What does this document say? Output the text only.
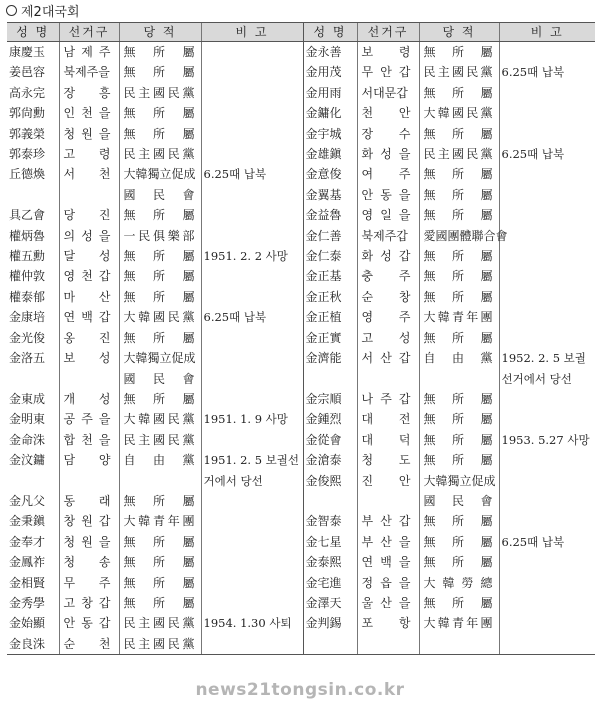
제2대국회
성 명	선거구	당 적	비 고	성 명	선거구	당 적	비 고
康慶玉	남 제 주	無 所 屬		金永善	보 령	無 所 屬	
姜邑容	북제주을	無 所 屬		金用茂	무 안 갑	民主國民黨	6.25때 납북
高永完	장 흥	民主國民黨		金用雨	서대문갑	無 所 屬	
郭尙勳	인 천 을	無 所 屬		金鏞化	천 안	大韓國民黨	
郭義榮	청 원 을	無 所 屬		金宇城	장 수	無 所 屬	
郭泰珍	고 령	民主國民黨		金雄鎭	화 성 을	民主國民黨	6.25때 납북
丘德煥	서 천	大韓獨立促成	6.25때 납북	金意俊	여 주	無 所 屬	
		國 民 會		金翼基	안 동 을	無 所 屬	
具乙會	당 진	無 所 屬		金益魯	영 일 을	無 所 屬	
權炳魯	의 성 을	一民俱樂部		金仁善	북제주갑	愛國團體聯合會	
權五勳	달 성	無 所 屬	1951. 2. 2 사망	金仁泰	화 성 갑	無 所 屬	
權仲敦	영 천 갑	無 所 屬		金正基	충 주	無 所 屬	
權泰郁	마 산	無 所 屬		金正秋	순 창	無 所 屬	
金康培	연 백 갑	大韓國民黨	6.25때 납북	金正植	영 주	大韓青年團	
金光俊	옹 진	無 所 屬		金正實	고 성	無 所 屬	
金洛五	보 성	大韓獨立促成		金濟能	서 산 갑	自 由 黨	1952. 2. 5 보궐
		國 民 會					선거에서 당선
金東成	개 성	無 所 屬		金宗順	나 주 갑	無 所 屬	
金明東	공 주 을	大韓國民黨	1951. 1. 9 사망	金鍾烈	대 전	無 所 屬	
金命洙	합 천 을	民主國民黨		金從會	대 덕	無 所 屬	1953. 5.27 사망
金汶鏞	담 양	自 由 黨	1951. 2. 5 보궐선	金滄泰	청 도	無 所 屬	
			거에서 당선	金俊熙	진 안	大韓獨立促成	
金凡父	동 래	無 所 屬				國 民 會	
金秉鎭	창 원 갑	大韓青年團		金智泰	부 산 갑	無 所 屬	
金奉才	청 원 을	無 所 屬		金七星	부 산 을	無 所 屬	6.25때 납북
金鳳祚	청 송	無 所 屬		金泰熙	연 백 을	無 所 屬	
金相賢	무 주	無 所 屬		金宅進	정 읍 을	大 韓 勞 總	
金秀學	고 창 갑	無 所 屬		金澤天	울 산 을	無 所 屬	
金始顯	안 동 갑	民主國民黨	1954. 1.30 사퇴	金判錫	포 항	大韓青年團	
金良洙	순 천	民主國民黨					
news21tongsin.co.kr
